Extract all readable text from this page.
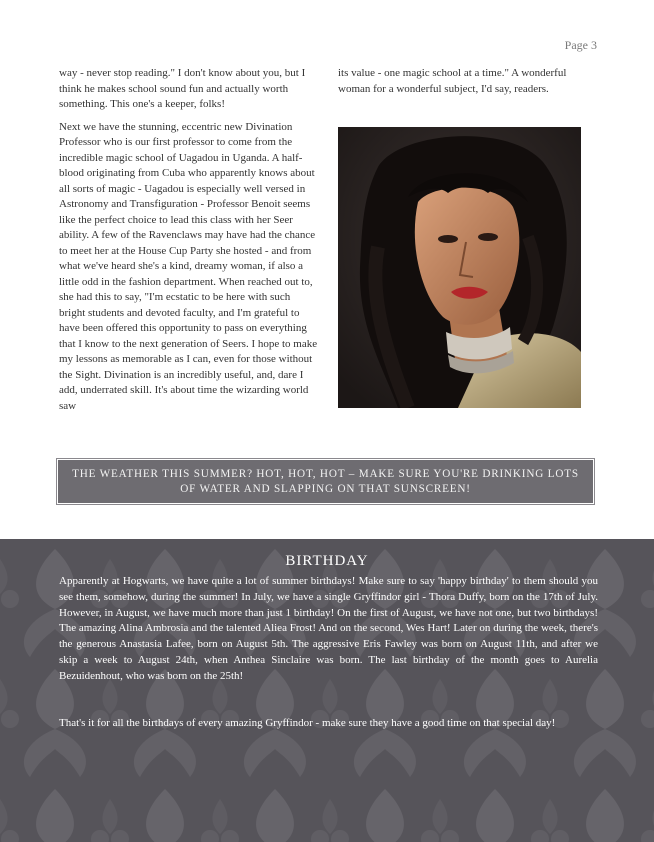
Page 3

way - never stop reading." I don't know about you, but I think he makes school sound fun and actually worth something. This one's a keeper, folks!

Next we have the stunning, eccentric new Divination Professor who is our first professor to come from the incredible magic school of Uagadou in Uganda. A half-blood originating from Cuba who apparently knows about all sorts of magic - Uagadou is especially well versed in Astronomy and Transfiguration - Professor Benoit seems like the perfect choice to lead this class with her Seer ability. A few of the Ravenclaws may have had the chance to meet her at the House Cup Party she hosted - and from what we've heard she's a kind, dreamy woman, if also a little odd in the fashion department. When reached out to, she had this to say, "I'm ecstatic to be here with such bright students and devoted faculty, and I'm grateful to have been offered this opportunity to pass on everything that I know to the next generation of Seers. I hope to make my lessons as memorable as I can, even for those without the Sight. Divination is an incredibly useful, and, dare I add, underrated skill. It's about time the wizarding world saw

its value - one magic school at a time." A wonderful woman for a wonderful subject, I'd say, readers.

THE WEATHER THIS SUMMER? HOT, HOT, HOT – MAKE SURE YOU'RE DRINKING LOTS OF WATER AND SLAPPING ON THAT SUNSCREEN!
BIRTHDAY

Apparently at Hogwarts, we have quite a lot of summer birthdays! Make sure to say 'happy birthday' to them should you see them, somehow, during the summer! In July, we have a single Gryffindor girl - Thora Duffy, born on the 17th of July. However, in August, we have much more than just 1 birthday! On the first of August, we have not one, but two birthdays! The amazing Alina Ambrosia and the talented Aliea Frost! And on the second, Wes Hart! Later on during the week, there's the generous Anastasia Lafee, born on August 5th. The aggressive Eris Fawley was born on August 11th, and after we skip a week to August 24th, when Anthea Sinclaire was born. The last birthday of the month goes to Aurelia Bezuidenhout, who was born on the 25th!

That's it for all the birthdays of every amazing Gryffindor - make sure they have a good time on that special day!
